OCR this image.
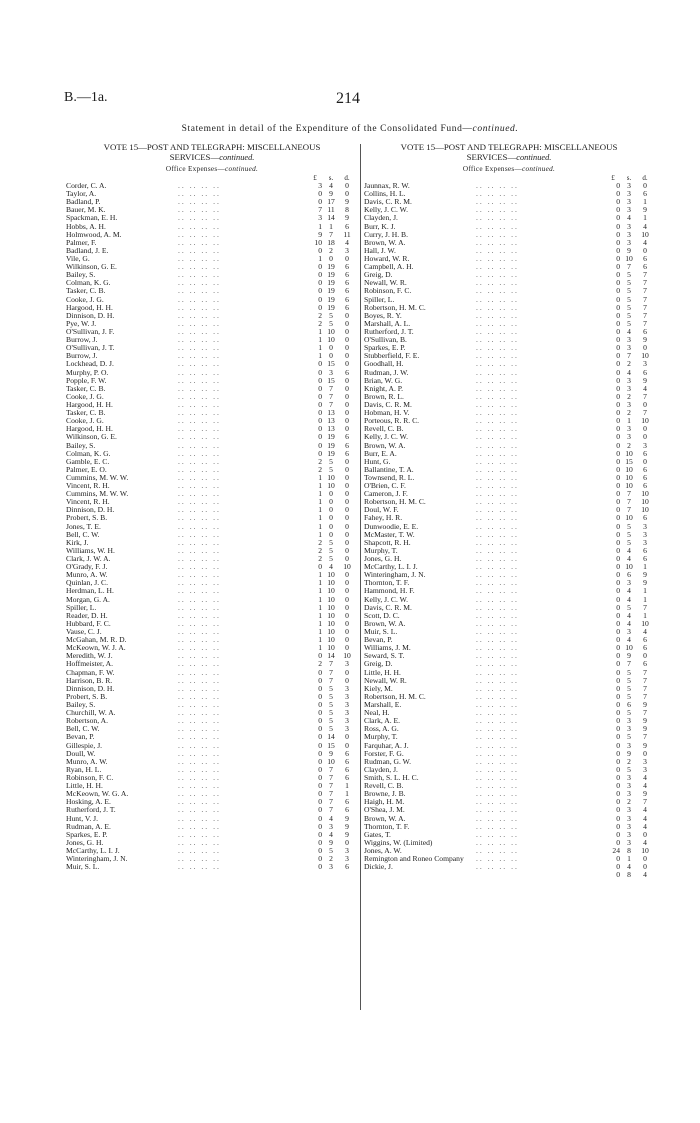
B.—1a.	214
Statement in detail of the Expenditure of the Consolidated Fund—continued.
VOTE 15—POST AND TELEGRAPH: MISCELLANEOUS
SERVICES—continued.
Office Expenses—continued.
£	s.	d.
Corder, C. A.	.. .. .. ..	3 4	0
Taylor, A.	.. .. .. ..	0 9	0
Badland, P.	.. .. .. ..	0 17	9
Bauer, M. K.	.. .. .. ..	7 11	8
Spackman, E. H.	.. .. .. ..	3 14	9
Hobbs, A. H.	.. .. .. ..	1 1	6
Holmwood, A. M.	.. .. .. ..	9 7	11
Palmer, F.	.. .. .. ..	10 18	4
Badland, J. E.	.. .. .. ..	0 2	3
Vile, G.	.. .. .. ..	1 0	0
Wilkinson, G. E.	.. .. .. ..	0 19	6
Bailey, S.	.. .. .. ..	0 19	6
Colman, K. G.	.. .. .. ..	0 19	6
Tasker, C. B.	.. .. .. ..	0 19	6
Cooke, J. G.	.. .. .. ..	0 19	6
Hargood, H. H.	.. .. .. ..	0 19	6
Dinnison, D. H.	.. .. .. ..	2 5	0
Pye, W. J.	.. .. .. ..	2 5	0
O'Sullivan, J. F.	.. .. .. ..	1 10	0
Burrow, J.	.. .. .. ..	1 10	0
O'Sullivan, J. T.	.. .. .. ..	1 0	0
Burrow, J.	.. .. .. ..	1 0	0
Lockhead, D. J.	.. .. .. ..	0 15	0
Murphy, P. O.	.. .. .. ..	0 3	6
Popple, F. W.	.. .. .. ..	0 15	0
Tasker, C. B.	.. .. .. ..	0 7	0
Cooke, J. G.	.. .. .. ..	0 7	0
Hargood, H. H.	.. .. .. ..	0 7	0
Tasker, C. B.	.. .. .. ..	0 13	0
Cooke, J. G.	.. .. .. ..	0 13	0
Hargood, H. H.	.. .. .. ..	0 13	0
Wilkinson, G. E.	.. .. .. ..	0 19	6
Bailey, S.	.. .. .. ..	0 19	6
Colman, K. G.	.. .. .. ..	0 19	6
Gamble, E. C.	.. .. .. ..	2 5	0
Palmer, E. O.	.. .. .. ..	2 5	0
Cummins, M. W. W.	.. .. .. ..	1 10	0
Vincent, R. H.	.. .. .. ..	1 10	0
Cummins, M. W. W.	.. .. .. ..	1 0	0
Vincent, R. H.	.. .. .. ..	1 0	0
Dinnison, D. H.	.. .. .. ..	1 0	0
Probert, S. B.	.. .. .. ..	1 0	0
Jones, T. E.	.. .. .. ..	1 0	0
Bell, C. W.	.. .. .. ..	1 0	0
Kirk, J.	.. .. .. ..	2 5	0
Williams, W. H.	.. .. .. ..	2 5	0
Clark, J. W. A.	.. .. .. ..	2 5	0
O'Grady, F. J.	.. .. .. ..	0 4	10
Munro, A. W.	.. .. .. ..	1 10	0
Quinlan, J. C.	.. .. .. ..	1 10	0
Herdman, L. H.	.. .. .. ..	1 10	0
Morgan, G. A.	.. .. .. ..	1 10	0
Spiller, L.	.. .. .. ..	1 10	0
Reader, D. H.	.. .. .. ..	1 10	0
Hubbard, F. C.	.. .. .. ..	1 10	0
Vause, C. J.	.. .. .. ..	1 10	0
McGahan, M. R. D.	.. .. .. ..	1 10	0
McKeown, W. J. A.	.. .. .. ..	1 10	0
Meredith, W. J.	.. .. .. ..	0 14	10
Hoffmeister, A.	.. .. .. ..	2 7	3
Chapman, F. W.	.. .. .. ..	0 7	0
Harrison, B. R.	.. .. .. ..	0 7	0
Dinnison, D. H.	.. .. .. ..	0 5	3
Probert, S. B.	.. .. .. ..	0 5	3
Bailey, S.	.. .. .. ..	0 5	3
Churchill, W. A.	.. .. .. ..	0 5	3
Robertson, A.	.. .. .. ..	0 5	3
Bell, C. W.	.. .. .. ..	0 5	3
Bevan, P.	.. .. .. ..	0 14	0
Gillespie, J.	.. .. .. ..	0 15	0
Doull, W.	.. .. .. ..	0 9	6
Munro, A. W.	.. .. .. ..	0 10	6
Ryan, H. L.	.. .. .. ..	0 7	6
Robinson, F. C.	.. .. .. ..	0 7	6
Little, H. H.	.. .. .. ..	0 7	1
McKeown, W. G. A.	.. .. .. ..	0 7	1
Hosking, A. E.	.. .. .. ..	0 7	6
Rutherford, J. T.	.. .. .. ..	0 7	6
Hunt, V. J.	.. .. .. ..	0 4	9
Rudman, A. E.	.. .. .. ..	0 3	9
Sparkes, E. P.	.. .. .. ..	0 4	9
Jones, G. H.	.. .. .. ..	0 9	0
McCarthy, L. I. J.	.. .. .. ..	0 5	3
Winteringham, J. N.	.. .. .. ..	0 2	3
Muir, S. L.	.. .. .. ..	0 3	6
VOTE 15—POST AND TELEGRAPH: MISCELLANEOUS
SERVICES—continued.
Office Expenses—continued.
£	s.	d.
Jaunnax, R. W.	.. .. .. ..	0 3	0
Collins, H. L.	.. .. .. ..	0 3	6
Davis, C. R. M.	.. .. .. ..	0 3	1
Kelly, J. C. W.	.. .. .. ..	0 3	9
Clayden, J.	.. .. .. ..	0 4	1
Burr, K. J.	.. .. .. ..	0 3	4
Curry, J. H. B.	.. .. .. ..	0 3	10
Brown, W. A.	.. .. .. ..	0 3	4
Hall, J. W.	.. .. .. ..	0 9	0
Howard, W. R.	.. .. .. ..	0 10	6
Campbell, A. H.	.. .. .. ..	0 7	6
Greig, D.	.. .. .. ..	0 5	7
Newall, W. R.	.. .. .. ..	0 5	7
Robinson, F. C.	.. .. .. ..	0 5	7
Spiller, L.	.. .. .. ..	0 5	7
Robertson, H. M. C.	.. .. .. ..	0 5	7
Boyes, R. Y.	.. .. .. ..	0 5	7
Marshall, A. L.	.. .. .. ..	0 5	7
Rutherford, J. T.	.. .. .. ..	0 4	6
O'Sullivan, B.	.. .. .. ..	0 3	9
Sparkes, E. P.	.. .. .. ..	0 3	0
Stubberfield, F. E.	.. .. .. ..	0 7	10
Goodhall, H.	.. .. .. ..	0 2	3
Rudman, J. W.	.. .. .. ..	0 4	6
Brian, W. G.	.. .. .. ..	0 3	9
Knight, A. P.	.. .. .. ..	0 3	4
Brown, R. L.	.. .. .. ..	0 2	7
Davis, C. R. M.	.. .. .. ..	0 3	0
Hobman, H. V.	.. .. .. ..	0 2	7
Porteous, R. R. C.	.. .. .. ..	0 1	10
Revell, C. B.	.. .. .. ..	0 3	0
Kelly, J. C. W.	.. .. .. ..	0 3	0
Brown, W. A.	.. .. .. ..	0 2	3
Burr, E. A.	.. .. .. ..	0 10	6
Hunt, G.	.. .. .. ..	0 15	0
Ballantine, T. A.	.. .. .. ..	0 10	6
Townsend, R. L.	.. .. .. ..	0 10	6
O'Brien, C. F.	.. .. .. ..	0 10	6
Cameron, J. F.	.. .. .. ..	0 7	10
Robertson, H. M. C.	.. .. .. ..	0 7	10
Doul, W. F.	.. .. .. ..	0 7	10
Fahey, H. R.	.. .. .. ..	0 10	6
Dunwoodie, E. E.	.. .. .. ..	0 5	3
McMaster, T. W.	.. .. .. ..	0 5	3
Shapcott, R. H.	.. .. .. ..	0 5	3
Murphy, T.	.. .. .. ..	0 4	6
Jones, G. H.	.. .. .. ..	0 4	6
McCarthy, L. I. J.	.. .. .. ..	0 10	1
Winteringham, J. N.	.. .. .. ..	0 6	9
Thornton, T. F.	.. .. .. ..	0 3	9
Hammond, H. F.	.. .. .. ..	0 4	1
Kelly, J. C. W.	.. .. .. ..	0 4	1
Davis, C. R. M.	.. .. .. ..	0 5	7
Scott, D. C.	.. .. .. ..	0 4	1
Brown, W. A.	.. .. .. ..	0 4	10
Muir, S. L.	.. .. .. ..	0 3	4
Bevan, P.	.. .. .. ..	0 4	6
Williams, J. M.	.. .. .. ..	0 10	6
Seward, S. T.	.. .. .. ..	0 9	0
Greig, D.	.. .. .. ..	0 7	6
Little, H. H.	.. .. .. ..	0 5	7
Newall, W. R.	.. .. .. ..	0 5	7
Kiely, M.	.. .. .. ..	0 5	7
Robertson, H. M. C.	.. .. .. ..	0 5	7
Marshall, E.	.. .. .. ..	0 6	9
Neal, H.	.. .. .. ..	0 5	7
Clark, A. E.	.. .. .. ..	0 3	9
Ross, A. G.	.. .. .. ..	0 3	9
Murphy, T.	.. .. .. ..	0 5	7
Farquhar, A. J.	.. .. .. ..	0 3	9
Forster, F. G.	.. .. .. ..	0 9	0
Rudman, G. W.	.. .. .. ..	0 2	3
Clayden, J.	.. .. .. ..	0 5	3
Smith, S. L. H. C.	.. .. .. ..	0 3	4
Revell, C. B.	.. .. .. ..	0 3	4
Browne, J. B.	.. .. .. ..	0 3	9
Haigh, H. M.	.. .. .. ..	0 2	7
O'Shea, J. M.	.. .. .. ..	0 3	4
Brown, W. A.	.. .. .. ..	0 3	4
Thornton, T. F.	.. .. .. ..	0 3	4
Gates, T.	.. .. .. ..	0 3	0
Wiggins, W. (Limited)	.. .. .. ..	0 3	4
Jones, A. W.	.. .. .. ..	24 8	10
Remington and Roneo Company .. .. .. ..	0 1	0
Dickie, J.	.. .. .. ..	0 4	0
0 8	4
